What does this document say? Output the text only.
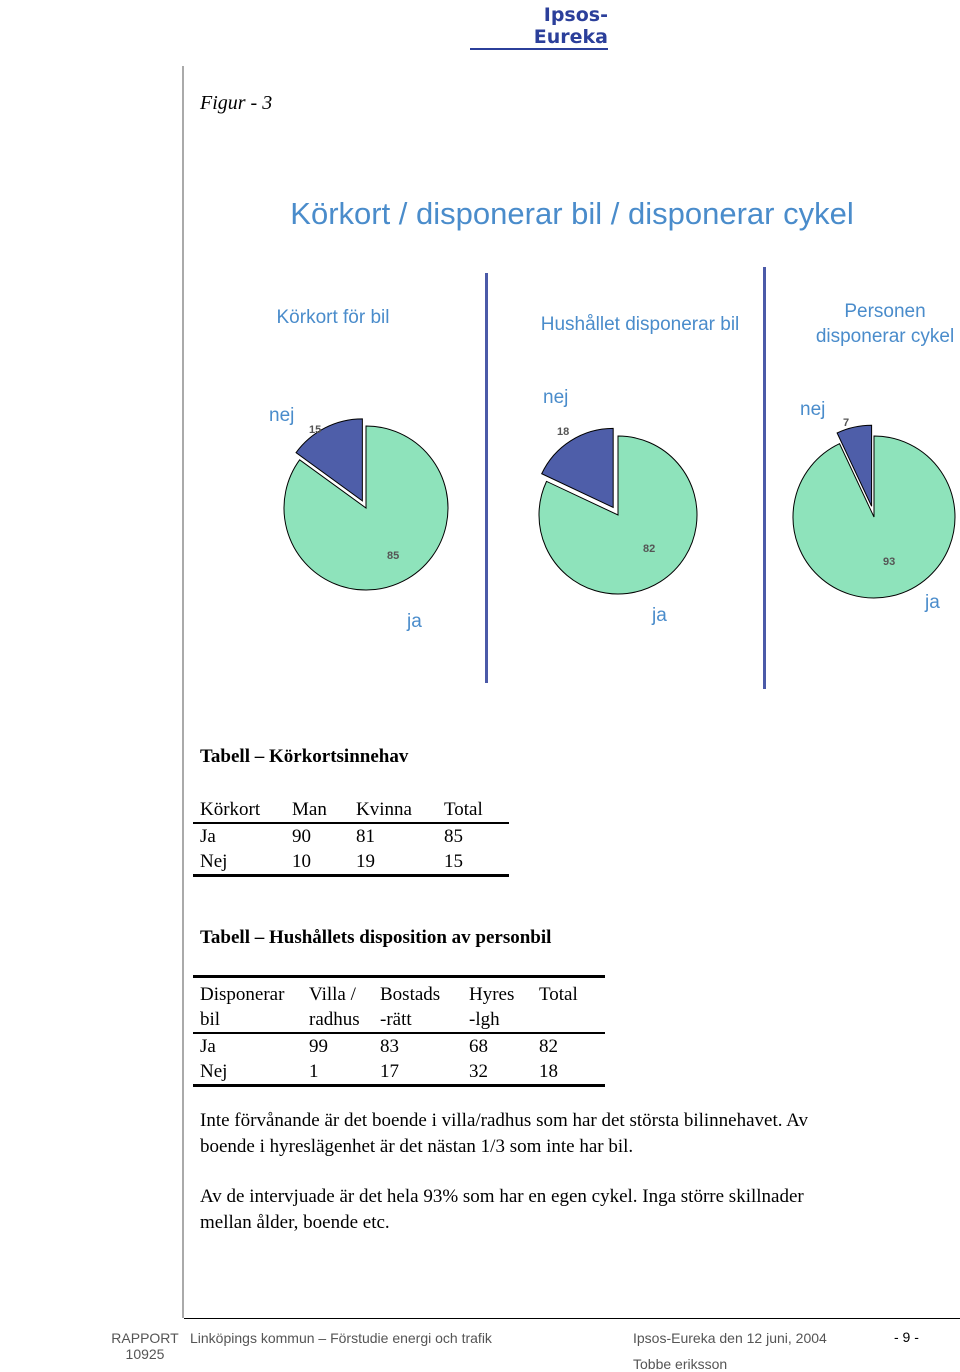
Ipsos-Eureka
Figur - 3
Körkort / disponerar bil / disponerar cykel
Körkort för bil	Hushållet disponerar bil
Personen
disponerar cykel
nej
15
85
ja
nej
18
82
ja
nej
7
93
ja
Tabell – Körkortsinnehav
Körkort	Man	Kvinna	Total
Ja	90	81	85
Nej	10	19	15
Tabell – Hushållets disposition av personbil
Disponerar	Villa /	Bostads	Hyres	Total
bil	radhus	-rätt	-lgh	
Ja	99	83	68	82
Nej	1	17	32	18
Inte förvånande är det boende i villa/radhus som har det största bilinnehavet. Av
boende i hyreslägenhet är det nästan 1/3 som inte har bil.
Av de intervjuade är det hela 93% som har en egen cykel. Inga större skillnader
mellan ålder, boende etc.
RAPPORT
10925
Linköpings kommun – Förstudie energi och trafik	Ipsos-Eureka den 12 juni, 2004
Tobbe eriksson
- 9 -
